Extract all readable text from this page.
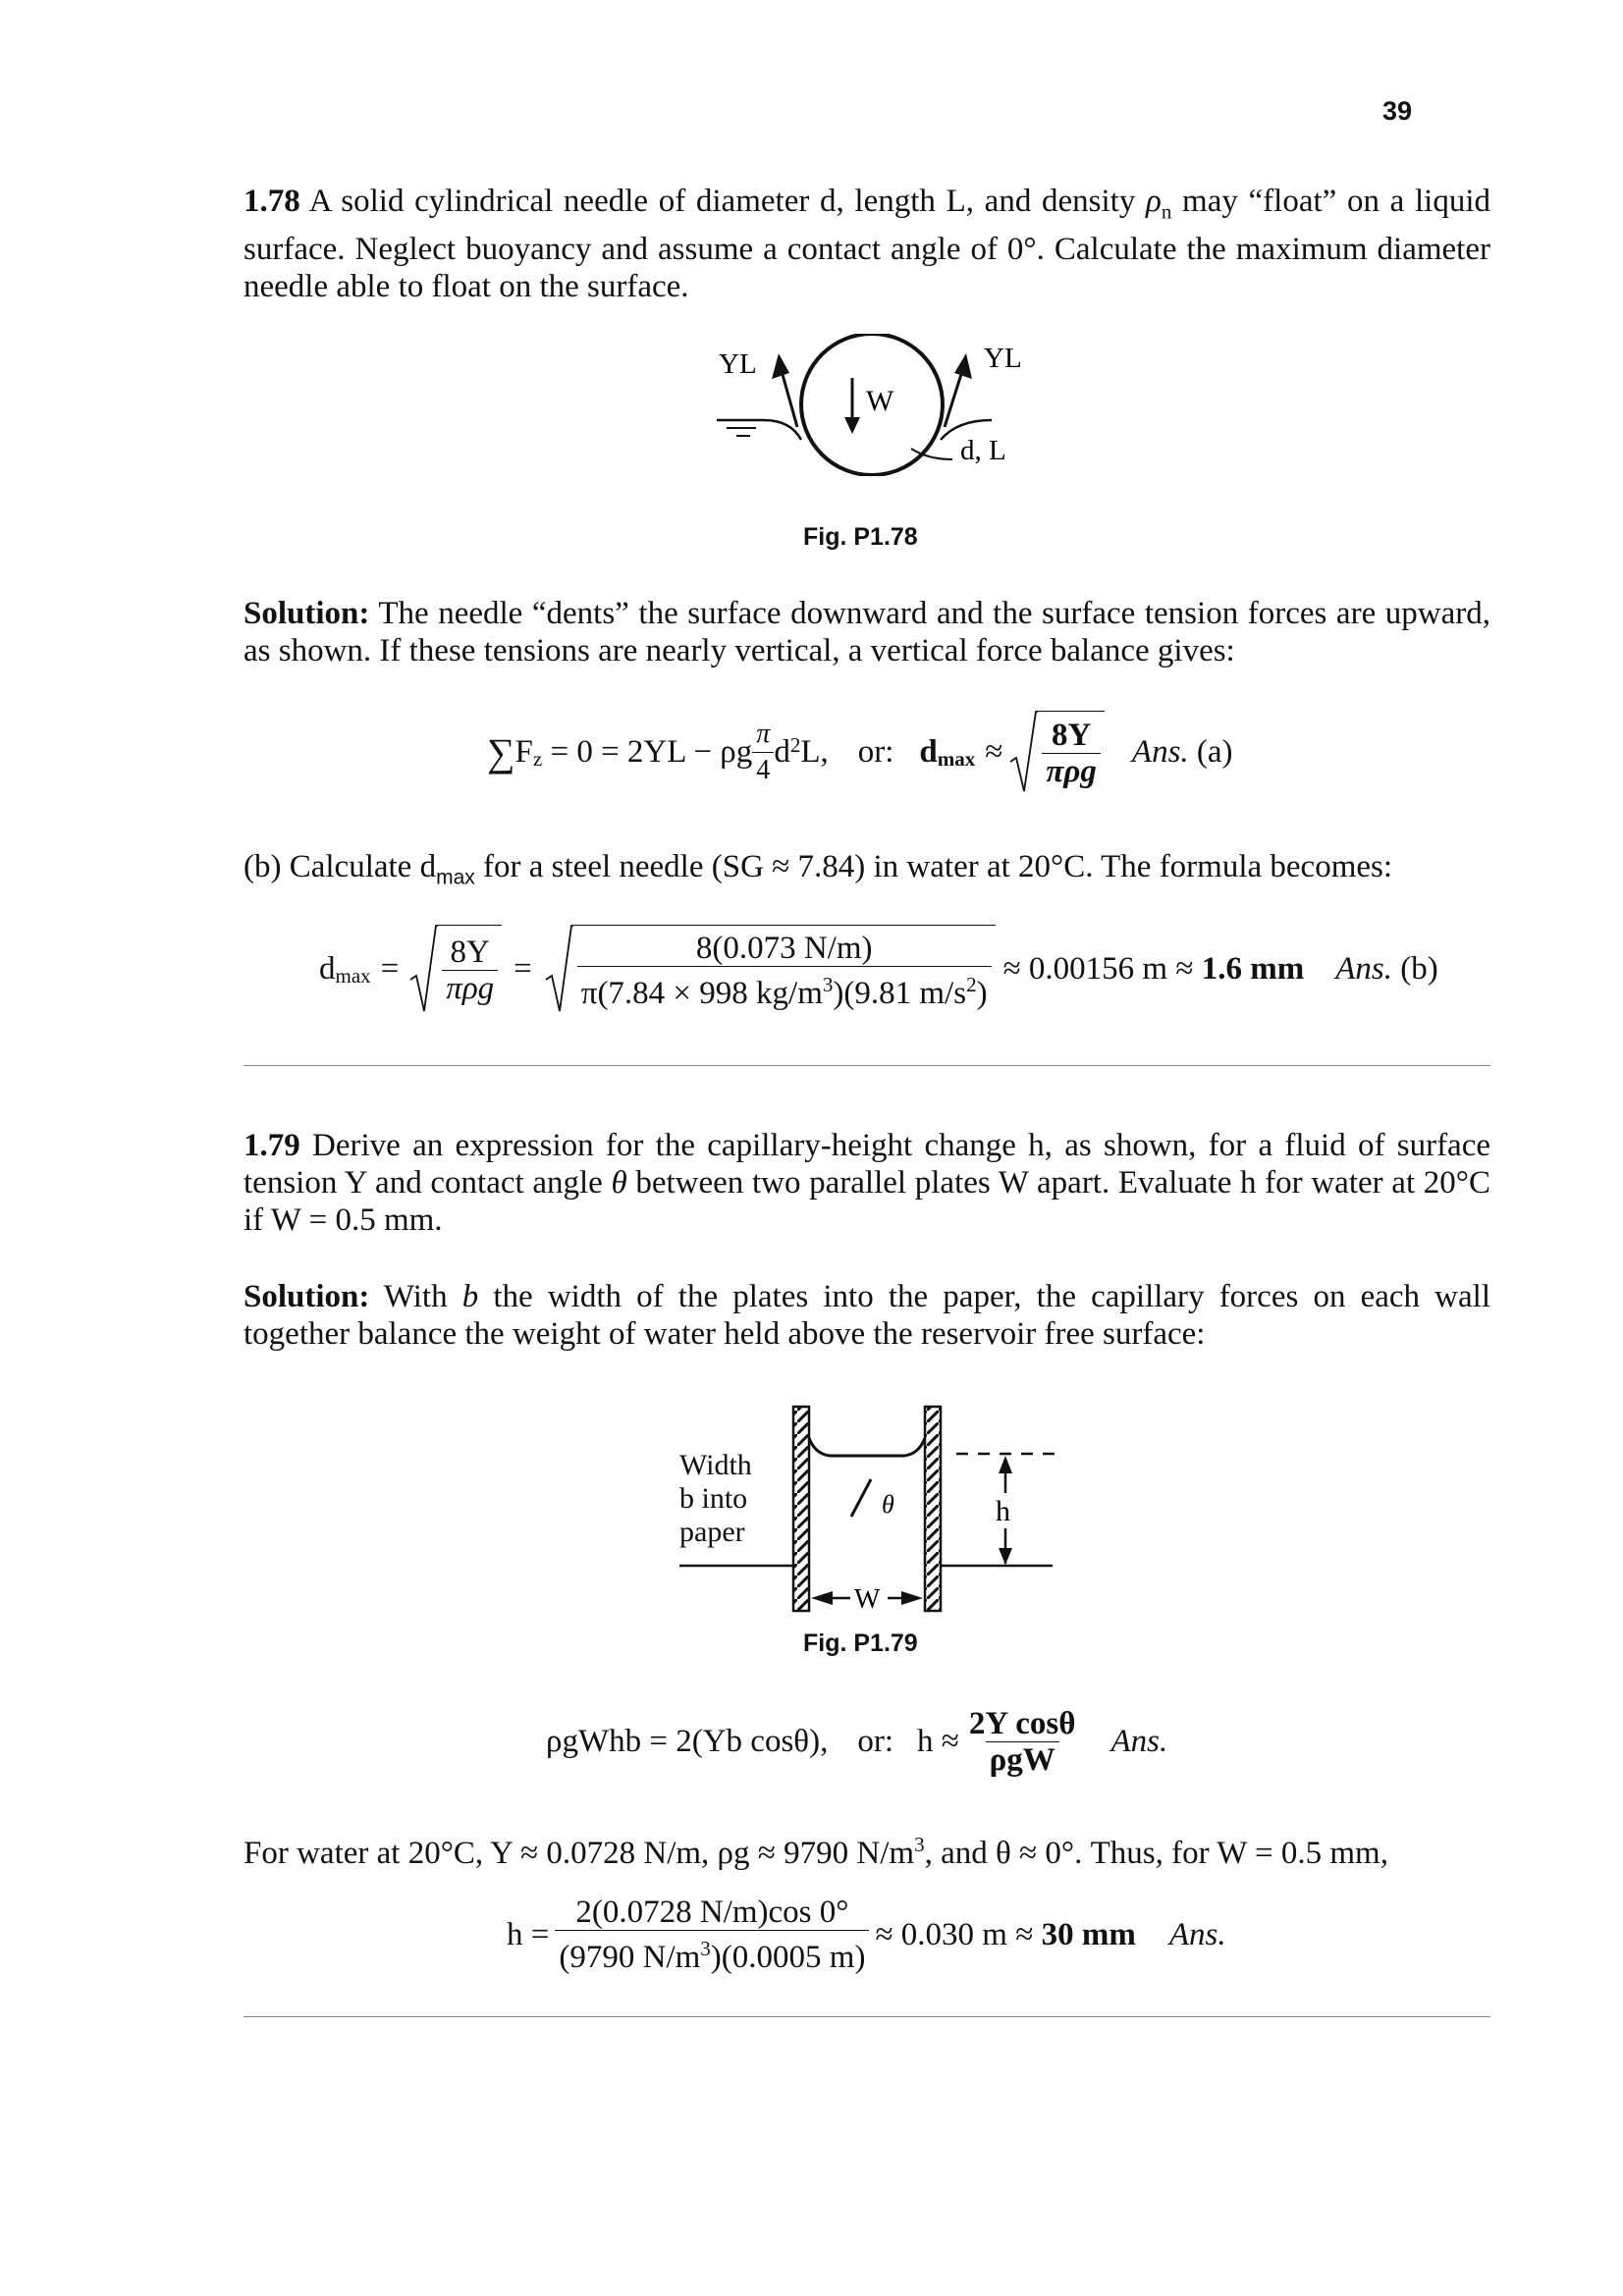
39
1.78 A solid cylindrical needle of diameter d, length L, and density $\rho_n$ may “float” on a liquid surface. Neglect buoyancy and assume a contact angle of 0°. Calculate the maximum diameter needle able to float on the surface.
W
YL	YL
d, L
Fig. P1.78
Solution: The needle “dents” the surface downward and the surface tension forces are upward, as shown. If these tensions are nearly vertical, a vertical force balance gives:
∑ $F_z = 0 = 2YL - \rho g \frac{\pi}{4} d^2$ L, or: $d_{max} \approx \frac{8Y}{\text{πρg}}$ Ans. (a)
(b) Calculate $d_{max}$ for a steel needle (SG ≈ 7.84) in water at 20°C. The formula becomes:
$d_{max} = \frac{8Y}{\text{πρg}} = \frac{8(0.073 N/m)}{\pi(7.84 \times 998 kg/m^3)(9.81 m/s^2)} \approx 0.00156$ m ≈ 1.6 mm Ans. (b)
1.79 Derive an expression for the capillary-height change h, as shown, for a fluid of surface tension Y and contact angle θ between two parallel plates W apart. Evaluate h for water at 20°C if W = 0.5 mm.
Solution: With b the width of the plates into the paper, the capillary forces on each wall together balance the weight of water held above the reservoir free surface:
θ	h
W
Width
b into
paper
Fig. P1.79
ρgWhb = 2(Yb cosθ), or: $h \approx \frac{\text{2Y cosθ}}{\text{ρgW}}$ Ans.
For water at 20°C, Y ≈ 0.0728 N/m, ρg ≈ 9790 $N/m^3$, and θ ≈ 0°. Thus, for W = 0.5 mm,
$h = \frac{2(0.0728 N/m)\cos 0^\circ}{(9790 N/m^3)(0.0005 m)} \approx 0.030$ m ≈ 30 mm Ans.
